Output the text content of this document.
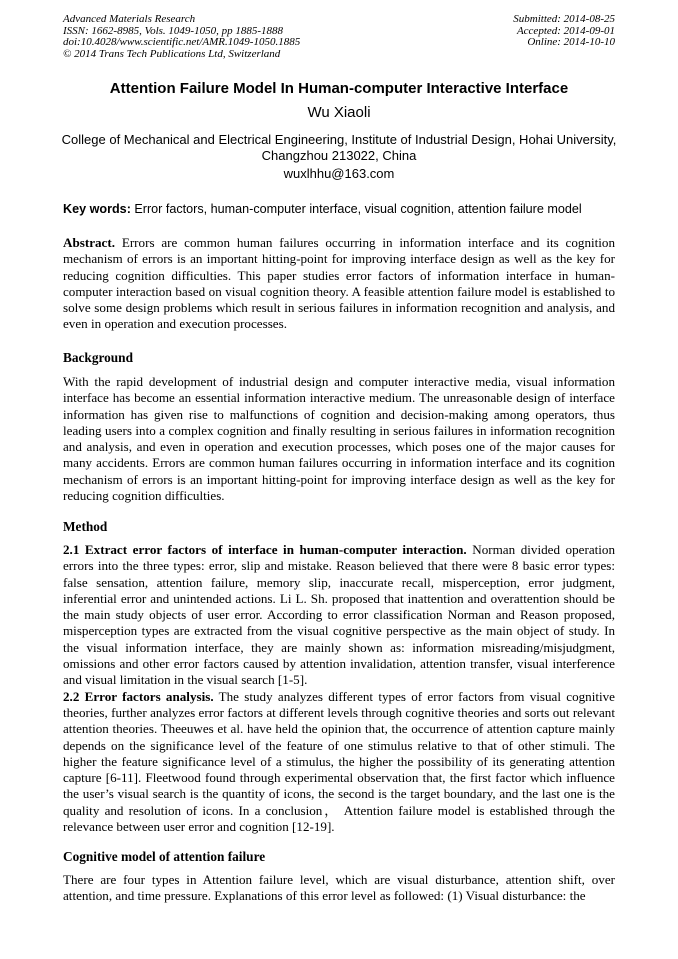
Advanced Materials Research
ISSN: 1662-8985, Vols. 1049-1050, pp 1885-1888
doi:10.4028/www.scientific.net/AMR.1049-1050.1885
© 2014 Trans Tech Publications Ltd, Switzerland
Submitted: 2014-08-25
Accepted: 2014-09-01
Online: 2014-10-10
Attention Failure Model In Human-computer Interactive Interface
Wu Xiaoli
College of Mechanical and Electrical Engineering, Institute of Industrial Design, Hohai University,
Changzhou 213022, China
wuxlhhu@163.com
Key words: Error factors, human-computer interface, visual cognition, attention failure model
Abstract. Errors are common human failures occurring in information interface and its cognition mechanism of errors is an important hitting-point for improving interface design as well as the key for reducing cognition difficulties. This paper studies error factors of information interface in human-computer interaction based on visual cognition theory. A feasible attention failure model is established to solve some design problems which result in serious failures in information recognition and analysis, and even in operation and execution processes.
Background
With the rapid development of industrial design and computer interactive media, visual information interface has become an essential information interactive medium. The unreasonable design of interface information has given rise to malfunctions of cognition and decision-making among operators, thus leading users into a complex cognition and finally resulting in serious failures in information recognition and analysis, and even in operation and execution processes, which poses one of the major causes for many accidents. Errors are common human failures occurring in information interface and its cognition mechanism of errors is an important hitting-point for improving interface design as well as the key for reducing cognition difficulties.
Method
2.1 Extract error factors of interface in human-computer interaction. Norman divided operation errors into the three types: error, slip and mistake. Reason believed that there were 8 basic error types: false sensation, attention failure, memory slip, inaccurate recall, misperception, error judgment, inferential error and unintended actions. Li L. Sh. proposed that inattention and overattention should be the main study objects of user error. According to error classification Norman and Reason proposed, misperception types are extracted from the visual cognitive perspective as the main object of study. In the visual information interface, they are mainly shown as: information misreading/misjudgment, omissions and other error factors caused by attention invalidation, attention transfer, visual interference and visual limitation in the visual search [1-5].
2.2 Error factors analysis. The study analyzes different types of error factors from visual cognitive theories, further analyzes error factors at different levels through cognitive theories and sorts out relevant attention theories. Theeuwes et al. have held the opinion that, the occurrence of attention capture mainly depends on the significance level of the feature of one stimulus relative to that of other stimuli. The higher the feature significance level of a stimulus, the higher the possibility of its generating attention capture [6-11]. Fleetwood found through experimental observation that, the first factor which influence the user’s visual search is the quantity of icons, the second is the target boundary, and the last one is the quality and resolution of icons. In a conclusion， Attention failure model is established through the relevance between user error and cognition [12-19].
Cognitive model of attention failure
There are four types in Attention failure level, which are visual disturbance, attention shift, over attention, and time pressure. Explanations of this error level as followed: (1) Visual disturbance: the
